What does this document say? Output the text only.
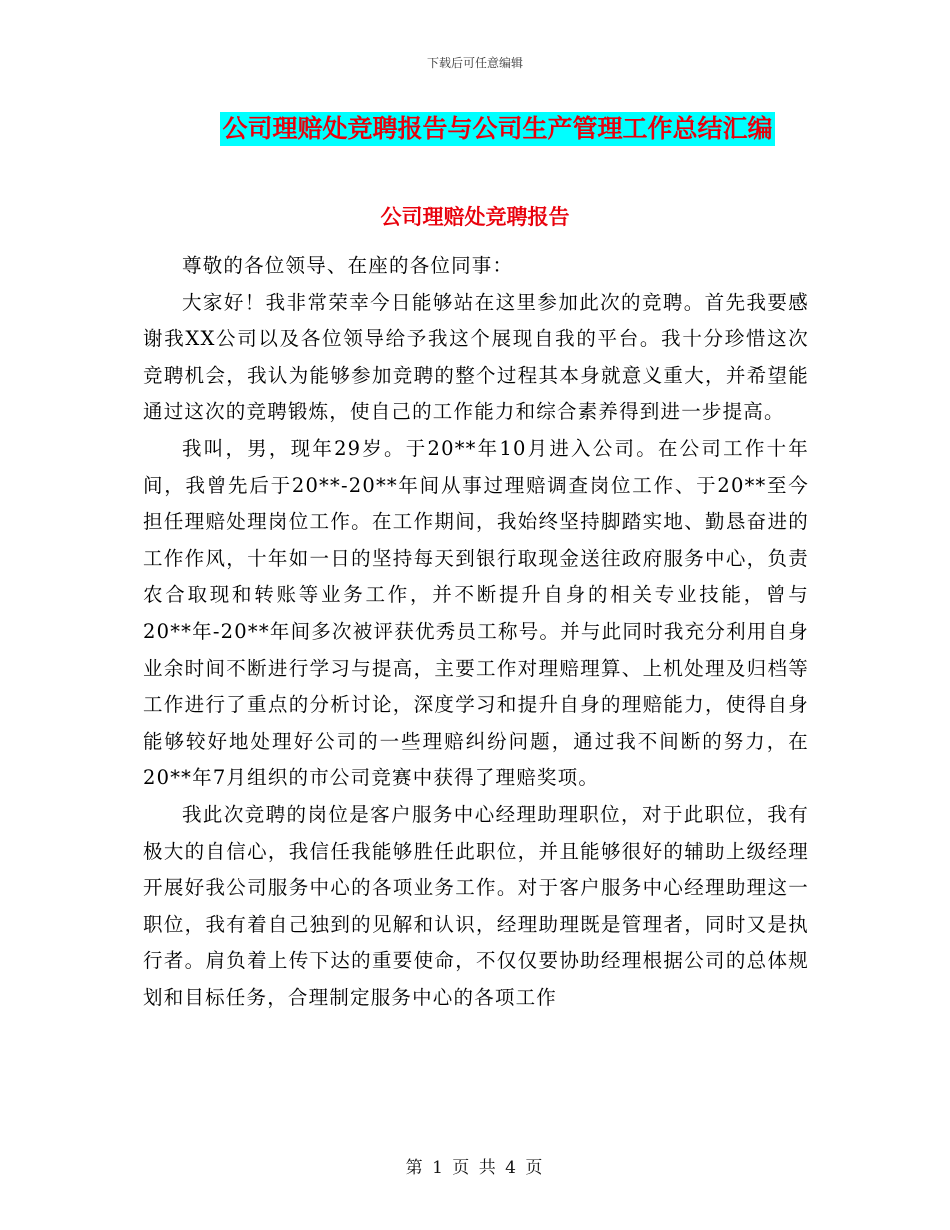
下载后可任意编辑
公司理赔处竞聘报告与公司生产管理工作总结汇编
公司理赔处竞聘报告

尊敬的各位领导、在座的各位同事：

大家好！我非常荣幸今日能够站在这里参加此次的竞聘。首先我要感谢我XX公司以及各位领导给予我这个展现自我的平台。我十分珍惜这次竞聘机会，我认为能够参加竞聘的整个过程其本身就意义重大，并希望能通过这次的竞聘锻炼，使自己的工作能力和综合素养得到进一步提高。

我叫，男，现年29岁。于20**年10月进入公司。在公司工作十年间，我曾先后于20**-20**年间从事过理赔调查岗位工作、于20**至今担任理赔处理岗位工作。在工作期间，我始终坚持脚踏实地、勤恳奋进的工作作风，十年如一日的坚持每天到银行取现金送往政府服务中心，负责农合取现和转账等业务工作，并不断提升自身的相关专业技能，曾与20**年-20**年间多次被评获优秀员工称号。并与此同时我充分利用自身业余时间不断进行学习与提高，主要工作对理赔理算、上机处理及归档等工作进行了重点的分析讨论，深度学习和提升自身的理赔能力，使得自身能够较好地处理好公司的一些理赔纠纷问题，通过我不间断的努力，在20**年7月组织的市公司竞赛中获得了理赔奖项。

我此次竞聘的岗位是客户服务中心经理助理职位，对于此职位，我有极大的自信心，我信任我能够胜任此职位，并且能够很好的辅助上级经理开展好我公司服务中心的各项业务工作。对于客户服务中心经理助理这一职位，我有着自己独到的见解和认识，经理助理既是管理者，同时又是执行者。肩负着上传下达的重要使命，不仅仅要协助经理根据公司的总体规划和目标任务，合理制定服务中心的各项工作

第 1 页 共 4 页
